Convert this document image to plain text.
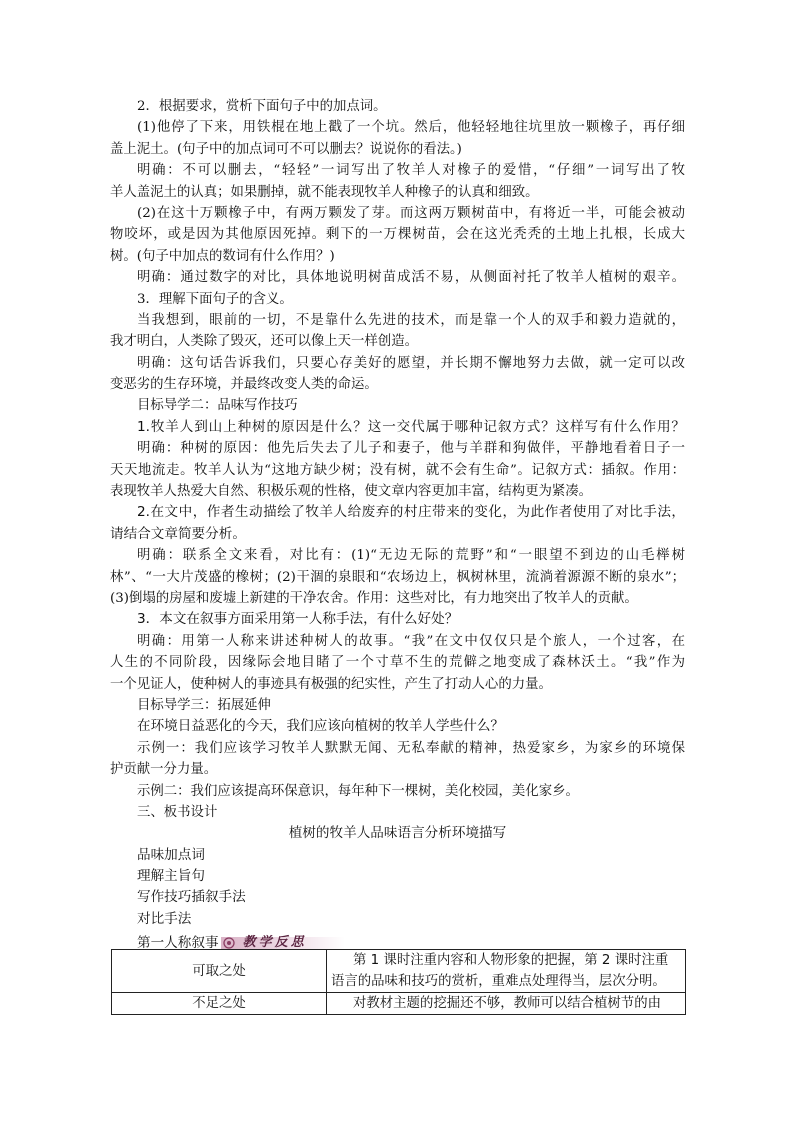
2．根据要求，赏析下面句子中的加点词。
(1)他停了下来，用铁棍在地上戳了一个坑。然后，他轻轻地往坑里放一颗橡子，再仔细
盖上泥土。(句子中的加点词可不可以删去？说说你的看法。)
明确：不可以删去，“轻轻”一词写出了牧羊人对橡子的爱惜，“仔细”一词写出了牧
羊人盖泥土的认真；如果删掉，就不能表现牧羊人种橡子的认真和细致。
(2)在这十万颗橡子中，有两万颗发了芽。而这两万颗树苗中，有将近一半，可能会被动
物咬坏，或是因为其他原因死掉。剩下的一万棵树苗，会在这光秃秃的土地上扎根，长成大
树。(句子中加点的数词有什么作用？)
明确：通过数字的对比，具体地说明树苗成活不易，从侧面衬托了牧羊人植树的艰辛。
3．理解下面句子的含义。
当我想到，眼前的一切，不是靠什么先进的技术，而是靠一个人的双手和毅力造就的，
我才明白，人类除了毁灭，还可以像上天一样创造。
明确：这句话告诉我们，只要心存美好的愿望，并长期不懈地努力去做，就一定可以改
变恶劣的生存环境，并最终改变人类的命运。
目标导学二：品味写作技巧
1.牧羊人到山上种树的原因是什么？这一交代属于哪种记叙方式？这样写有什么作用？
明确：种树的原因：他先后失去了儿子和妻子，他与羊群和狗做伴，平静地看着日子一
天天地流走。牧羊人认为“这地方缺少树；没有树，就不会有生命”。记叙方式：插叙。作用：
表现牧羊人热爱大自然、积极乐观的性格，使文章内容更加丰富，结构更为紧凑。
2.在文中，作者生动描绘了牧羊人给废弃的村庄带来的变化，为此作者使用了对比手法，
请结合文章简要分析。
明确：联系全文来看，对比有：(1)“无边无际的荒野”和“一眼望不到边的山毛榉树
林”、“一大片茂盛的橡树；(2)干涸的泉眼和“农场边上，枫树林里，流淌着源源不断的泉水”；
(3)倒塌的房屋和废墟上新建的干净农舍。作用：这些对比，有力地突出了牧羊人的贡献。
3．本文在叙事方面采用第一人称手法，有什么好处？
明确：用第一人称来讲述种树人的故事。“我”在文中仅仅只是个旅人，一个过客，在
人生的不同阶段，因缘际会地目睹了一个寸草不生的荒僻之地变成了森林沃土。“我”作为
一个见证人，使种树人的事迹具有极强的纪实性，产生了打动人心的力量。
目标导学三：拓展延伸
在环境日益恶化的今天，我们应该向植树的牧羊人学些什么？
示例一：我们应该学习牧羊人默默无闻、无私奉献的精神，热爱家乡，为家乡的环境保
护贡献一分力量。
示例二：我们应该提高环保意识，每年种下一棵树，美化校园，美化家乡。
三、板书设计
植树的牧羊人品味语言分析环境描写
品味加点词
理解主旨句
写作技巧插叙手法
对比手法
第一人称叙事 教学反思
可取之处	第 1 课时注重内容和人物形象的把握，第 2 课时注重
语言的品味和技巧的赏析，重难点处理得当，层次分明。

不足之处	对教材主题的挖掘还不够，教师可以结合植树节的由
